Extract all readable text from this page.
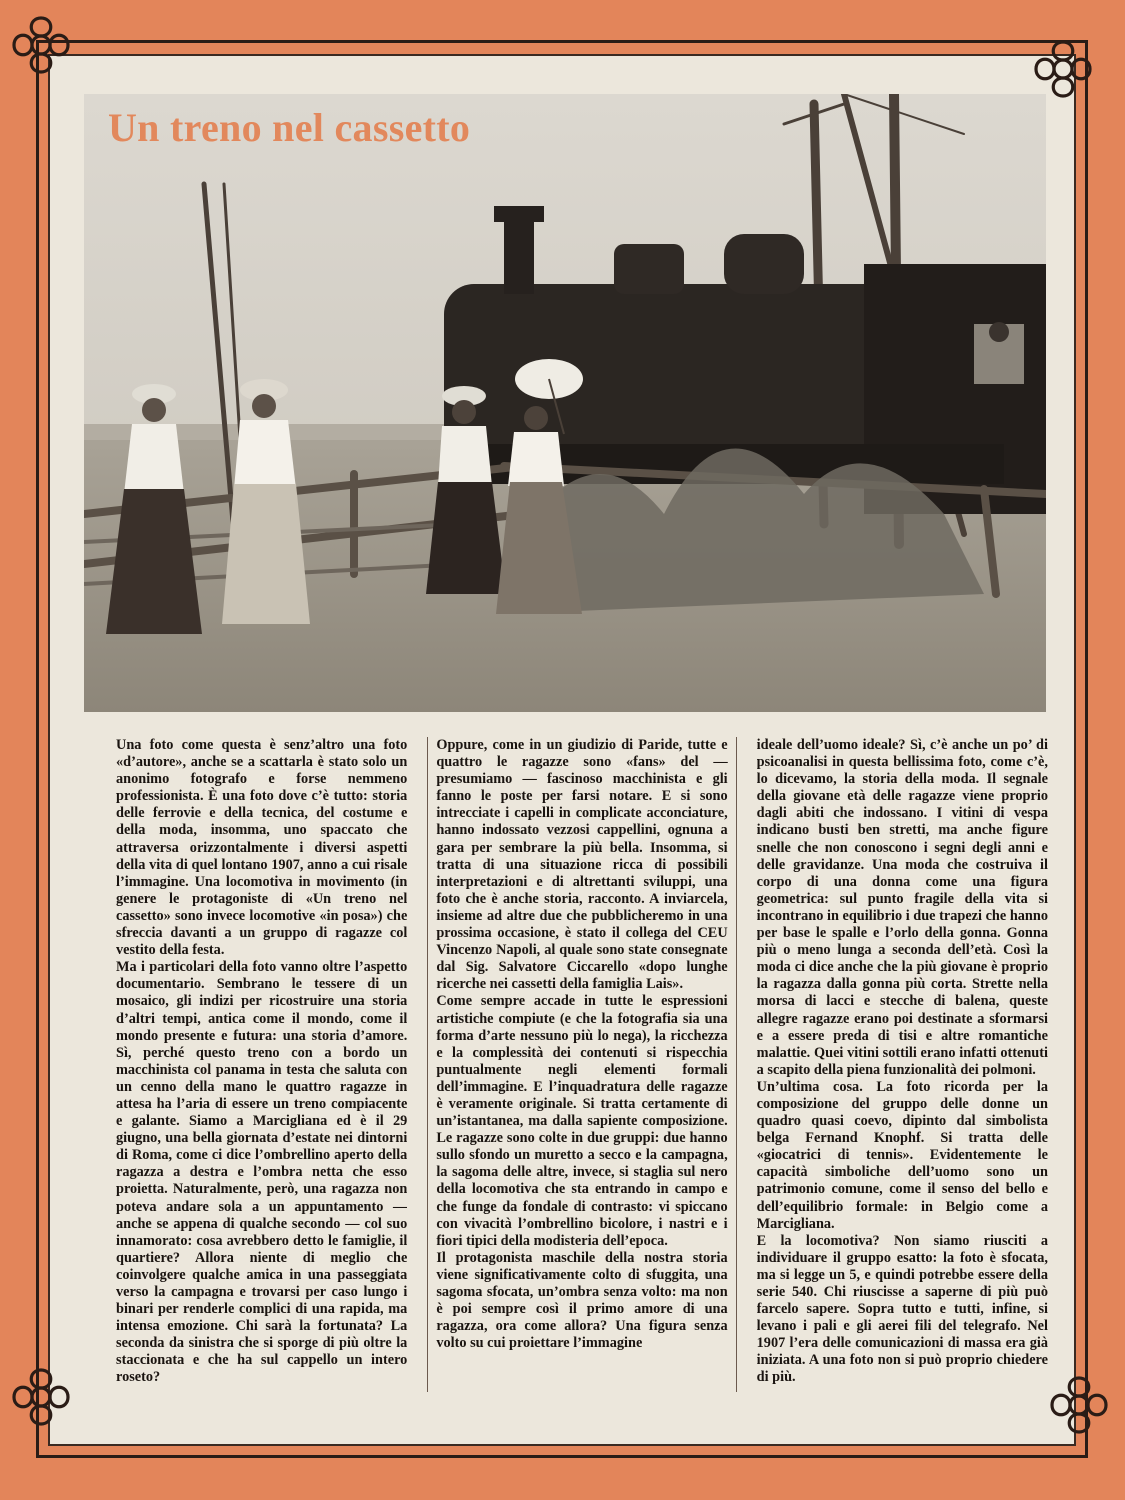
Un treno nel cassetto

Una foto come questa è senz’altro una foto «d’autore», anche se a scattarla è stato solo un anonimo fotografo e forse nemmeno professionista. È una foto dove c’è tutto: storia delle ferrovie e della tecnica, del costume e della moda, insomma, uno spaccato che attraversa orizzontalmente i diversi aspetti della vita di quel lontano 1907, anno a cui risale l’immagine. Una locomotiva in movimento (in genere le protagoniste di «Un treno nel cassetto» sono invece locomotive «in posa») che sfreccia davanti a un gruppo di ragazze col vestito della festa.

Ma i particolari della foto vanno oltre l’aspetto documentario. Sembrano le tessere di un mosaico, gli indizi per ricostruire una storia d’altri tempi, antica come il mondo, come il mondo presente e futura: una storia d’amore. Sì, perché questo treno con a bordo un macchinista col panama in testa che saluta con un cenno della mano le quattro ragazze in attesa ha l’aria di essere un treno compiacente e galante. Siamo a Marcigliana ed è il 29 giugno, una bella giornata d’estate nei dintorni di Roma, come ci dice l’ombrellino aperto della ragazza a destra e l’ombra netta che esso proietta. Naturalmente, però, una ragazza non poteva andare sola a un appuntamento — anche se appena di qualche secondo — col suo innamorato: cosa avrebbero detto le famiglie, il quartiere? Allora niente di meglio che coinvolgere qualche amica in una passeggiata verso la campagna e trovarsi per caso lungo i binari per renderle complici di una rapida, ma intensa emozione. Chi sarà la fortunata? La seconda da sinistra che si sporge di più oltre la staccionata e che ha sul cappello un intero roseto?

Oppure, come in un giudizio di Paride, tutte e quattro le ragazze sono «fans» del — presumiamo — fascinoso macchinista e gli fanno le poste per farsi notare. E si sono intrecciate i capelli in complicate acconciature, hanno indossato vezzosi cappellini, ognuna a gara per sembrare la più bella. Insomma, si tratta di una situazione ricca di possibili interpretazioni e di altrettanti sviluppi, una foto che è anche storia, racconto. A inviarcela, insieme ad altre due che pubblicheremo in una prossima occasione, è stato il collega del CEU Vincenzo Napoli, al quale sono state consegnate dal Sig. Salvatore Ciccarello «dopo lunghe ricerche nei cassetti della famiglia Lais».

Come sempre accade in tutte le espressioni artistiche compiute (e che la fotografia sia una forma d’arte nessuno più lo nega), la ricchezza e la complessità dei contenuti si rispecchia puntualmente negli elementi formali dell’immagine. E l’inquadratura delle ragazze è veramente originale. Si tratta certamente di un’istantanea, ma dalla sapiente composizione. Le ragazze sono colte in due gruppi: due hanno sullo sfondo un muretto a secco e la campagna, la sagoma delle altre, invece, si staglia sul nero della locomotiva che sta entrando in campo e che funge da fondale di contrasto: vi spiccano con vivacità l’ombrellino bicolore, i nastri e i fiori tipici della modisteria dell’epoca.

Il protagonista maschile della nostra storia viene significativamente colto di sfuggita, una sagoma sfocata, un’ombra senza volto: ma non è poi sempre così il primo amore di una ragazza, ora come allora? Una figura senza volto su cui proiettare l’immagine

ideale dell’uomo ideale? Sì, c’è anche un po’ di psicoanalisi in questa bellissima foto, come c’è, lo dicevamo, la storia della moda. Il segnale della giovane età delle ragazze viene proprio dagli abiti che indossano. I vitini di vespa indicano busti ben stretti, ma anche figure snelle che non conoscono i segni degli anni e delle gravidanze. Una moda che costruiva il corpo di una donna come una figura geometrica: sul punto fragile della vita si incontrano in equilibrio i due trapezi che hanno per base le spalle e l’orlo della gonna. Gonna più o meno lunga a seconda dell’età. Così la moda ci dice anche che la più giovane è proprio la ragazza dalla gonna più corta. Strette nella morsa di lacci e stecche di balena, queste allegre ragazze erano poi destinate a sformarsi e a essere preda di tisi e altre romantiche malattie. Quei vitini sottili erano infatti ottenuti a scapito della piena funzionalità dei polmoni.

Un’ultima cosa. La foto ricorda per la composizione del gruppo delle donne un quadro quasi coevo, dipinto dal simbolista belga Fernand Knophf. Si tratta delle «giocatrici di tennis». Evidentemente le capacità simboliche dell’uomo sono un patrimonio comune, come il senso del bello e dell’equilibrio formale: in Belgio come a Marcigliana.

E la locomotiva? Non siamo riusciti a individuare il gruppo esatto: la foto è sfocata, ma si legge un 5, e quindi potrebbe essere della serie 540. Chi riuscisse a saperne di più può farcelo sapere. Sopra tutto e tutti, infine, si levano i pali e gli aerei fili del telegrafo. Nel 1907 l’era delle comunicazioni di massa era già iniziata. A una foto non si può proprio chiedere di più.
